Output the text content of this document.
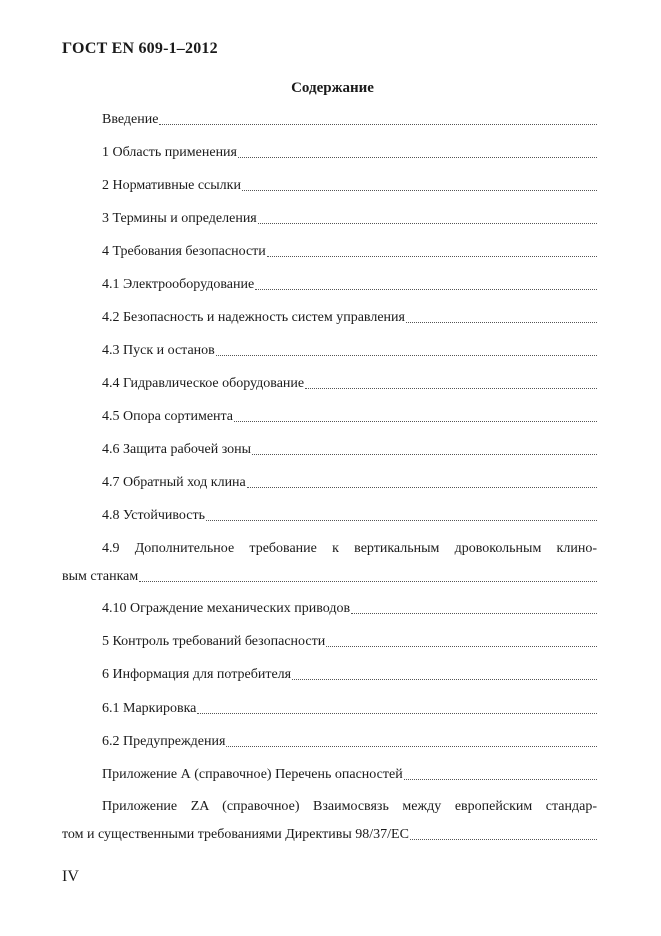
ГОСТ EN 609-1–2012
Содержание
Введение
1 Область применения
2 Нормативные ссылки
3 Термины и определения
4 Требования безопасности
4.1 Электрооборудование
4.2 Безопасность и надежность систем управления
4.3 Пуск и останов
4.4 Гидравлическое оборудование
4.5 Опора сортимента
4.6 Защита рабочей зоны
4.7 Обратный ход клина
4.8 Устойчивость
4.9 Дополнительное требование к вертикальным дровокольным клино-
вым станкам
4.10 Ограждение механических приводов
5 Контроль требований безопасности
6 Информация для потребителя
6.1 Маркировка
6.2 Предупреждения
Приложение А (справочное) Перечень опасностей
Приложение ZA (справочное) Взаимосвязь между европейским стандар-
том и существенными требованиями Директивы 98/37/ЕС
IV
